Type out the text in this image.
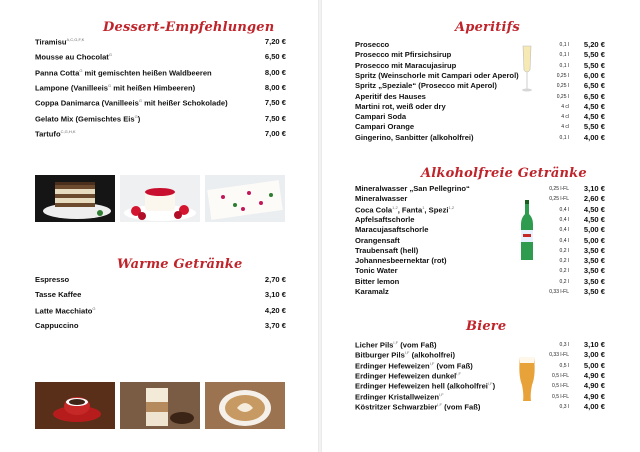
Dessert-Empfehlungen
Tiramisu$^{A,C,G,F,K}$	7,20 €
Mousse au Chocolat$^G$	6,50 €
Panna Cotta$^G$ mit gemischten heißen Waldbeeren	8,00 €
Lampone (Vanilleeis$^G$ mit heißen Himbeeren)	8,00 €
Coppa Danimarca (Vanilleeis$^G$ mit heißer Schokolade)	7,50 €
Gelato Mix (Gemischtes Eis$^G$)	7,50 €
Tartufo$^{C,G,H,K}$	7,00 €
Warme Getränke
Espresso	2,70 €
Tasse Kaffee	3,10 €
Latte Macchiato$^G$	4,20 €
Cappuccino	3,70 €
Aperitifs
Prosecco	0,1 l	5,20 €
Prosecco mit Pfirsichsirup	0,1 l	5,50 €
Prosecco mit Maracujasirup	0,1 l	5,50 €
Spritz (Weinschorle mit Campari oder Aperol)	0,25 l	6,00 €
Spritz „Speziale“ (Prosecco mit Aperol)	0,25 l	6,50 €
Aperitif des Hauses	0,25 l	6,50 €
Martini rot, weiß oder dry	4 cl	4,50 €
Campari Soda	4 cl	4,50 €
Campari Orange	4 cl	5,50 €
Gingerino, Sanbitter (alkoholfrei)	0,1 l	4,00 €
Alkoholfreie Getränke
Mineralwasser „San Pellegrino“	0,25 l-FL	3,10 €
Mineralwasser	0,25 l-FL	2,60 €
Coca Cola$^{1,2}$, Fanta$^1$, Spezi$^{1,2}$	0,4 l	4,50 €
Apfelsaftschorle	0,4 l	4,50 €
Maracujasaftschorle	0,4 l	5,00 €
Orangensaft	0,4 l	5,00 €
Traubensaft (hell)	0,2 l	3,50 €
Johannesbeernektar (rot)	0,2 l	3,50 €
Tonic Water	0,2 l	3,50 €
Bitter lemon	0,2 l	3,50 €
Karamalz	0,33 l-FL	3,50 €
Biere
Licher Pils$^{I,F}$ (vom Faß)	0,3 l	3,10 €
Bitburger Pils$^{I,F}$ (alkoholfrei)	0,33 l-FL	3,00 €
Erdinger Hefeweizen$^{I,F}$ (vom Faß)	0,5 l	5,00 €
Erdinger Hefeweizen dunkel$^{I,F}$	0,5 l-FL	4,90 €
Erdinger Hefeweizen hell (alkoholfrei$^{I,F}$)	0,5 l-FL	4,90 €
Erdinger Kristallweizen$^{I,F}$	0,5 l-FL	4,90 €
Köstritzer Schwarzbier$^{I,F}$ (vom Faß)	0,3 l	4,00 €
